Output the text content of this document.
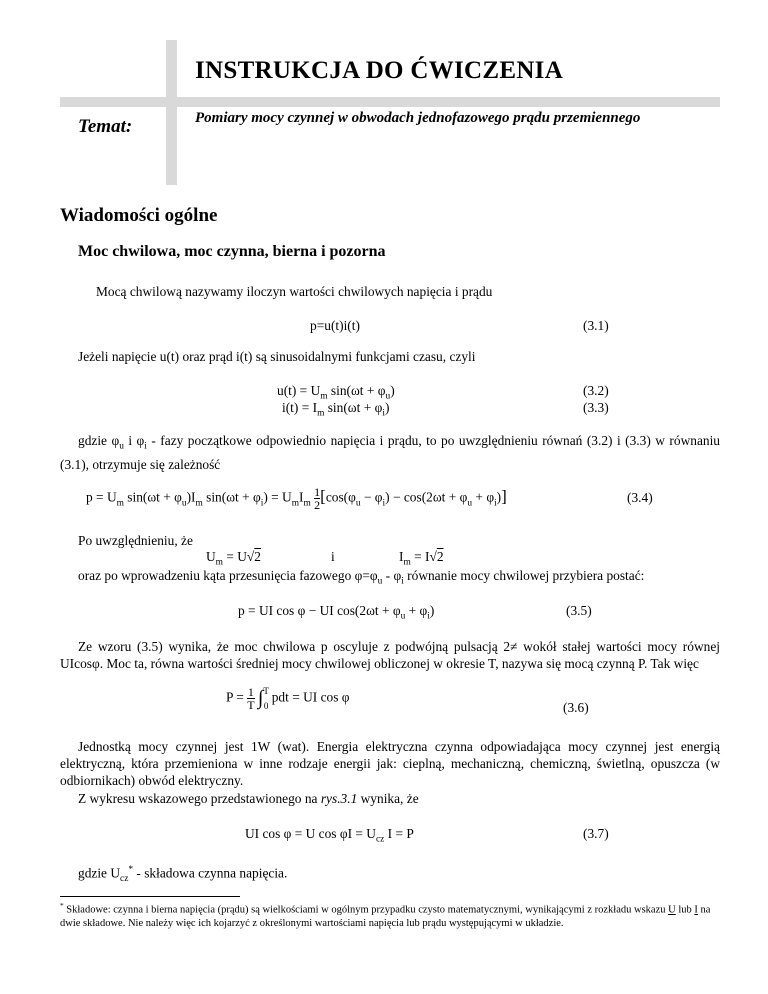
INSTRUKCJA DO ĆWICZENIA
Temat:	Pomiary mocy czynnej w obwodach jednofazowego prądu przemiennego
Wiadomości ogólne
Moc chwilowa, moc czynna, bierna i pozorna
Mocą chwilową nazywamy iloczyn wartości chwilowych napięcia i prądu
p=u(t)i(t)	(3.1)
Jeżeli napięcie u(t) oraz prąd i(t) są sinusoidalnymi funkcjami czasu, czyli
$u(t) = U_m$ $\sin(\omega t + \varphi_u)$	(3.2)
$i(t) = I_m$ $\sin(\omega t + \varphi_i)$	(3.3)
gdzie $\varphi_u$ i $\varphi_i$ - fazy początkowe odpowiednio napięcia i prądu, to po uwzględnieniu równań (3.2) i (3.3) w równaniu (3.1), otrzymuje się zależność
$p = U_m$ $\sin(\omega t + \varphi_u)I_m$ $\sin(\omega t + \varphi_i) = U_mI_m \frac{1}{2} [\cos(\varphi_u - \varphi_i) - \cos(2\omega t + \varphi_u + \varphi_i)]$	(3.4)
Po uwzględnieniu, że
$U_m = U√2$	i	$I_m = I√2$
oraz po wprowadzeniu kąta przesunięcia fazowego $\varphi=\varphi_u - \varphi_i$ równanie mocy chwilowej przybiera postać:
p = UI cos φ − UI $\cos(2\omega t + \varphi_u + \varphi_i)$	(3.5)
Ze wzoru (3.5) wynika, że moc chwilowa p oscyluje z podwójną pulsacją 2≠ wokół stałej wartości mocy równej UIcosφ. Moc ta, równa wartości średniej mocy chwilowej obliczonej w okresie T, nazywa się mocą czynną P. Tak więc
$P = \frac{1}{T} \int^T0$ pdt = UI cos φ
(3.6)
Jednostką mocy czynnej jest 1W (wat). Energia elektryczna czynna odpowiadająca mocy czynnej jest energią elektryczną, która przemieniona w inne rodzaje energii jak: cieplną, mechaniczną, chemiczną, świetlną, opuszcza (w odbiornikach) obwód elektryczny.
Z wykresu wskazowego przedstawionego na rys.3.1 wynika, że
UI cos φ = U $\cos \varphi I = U_{cz}$ I = P	(3.7)
gdzie $U_{cz}^*$ - składowa czynna napięcia.
* Składowe: czynna i bierna napięcia (prądu) są wielkościami w ogólnym przypadku czysto matematycznymi, wynikającymi z rozkładu wskazu U lub I na dwie składowe. Nie należy więc ich kojarzyć z określonymi wartościami napięcia lub prądu występującymi w układzie.
